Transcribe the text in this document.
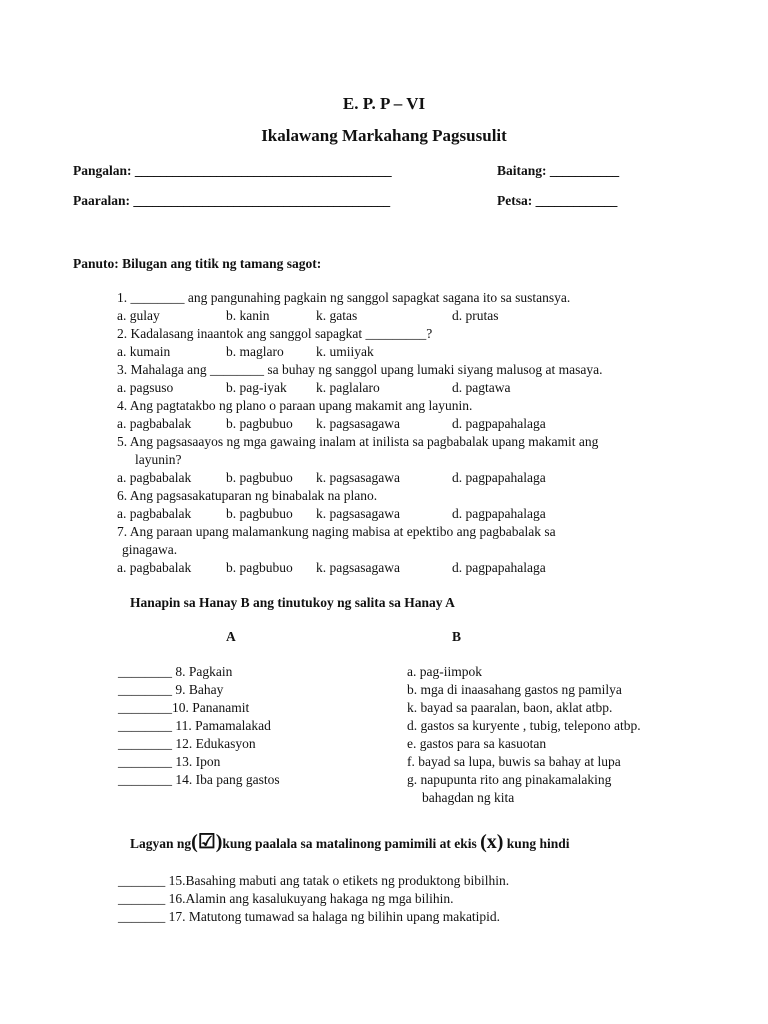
E. P. P – VI
Ikalawang Markahang Pagsusulit
Pangalan: _________________________________________	Baitang: ___________
Paaralan: _________________________________________	Petsa: _____________
Panuto: Bilugan ang titik ng tamang sagot:
1. ________ ang pangunahing pagkain ng sanggol sapagkat sagana ito sa sustansya.
a. gulay	b. kanin	k. gatas	d. prutas
2. Kadalasang inaantok ang sanggol sapagkat _________?
a. kumain	b. maglaro k. umiiyak
3. Mahalaga ang ________ sa buhay ng sanggol upang lumaki siyang malusog at masaya.
a. pagsuso	b. pag-iyak k. paglalaro	d. pagtawa
4. Ang pagtatakbo ng plano o paraan upang makamit ang layunin.
a. pagbabalak	b. pagbubuo k. pagsasagawa	d. pagpapahalaga
5. Ang pagsasaayos ng mga gawaing inalam at inilista sa pagbabalak upang makamit ang
layunin?
a. pagbabalak	b. pagbubuo k. pagsasagawa	d. pagpapahalaga
6. Ang pagsasakatuparan ng binabalak na plano.
a. pagbabalak	b. pagbubuo k. pagsasagawa	d. pagpapahalaga
7. Ang paraan upang malamankung naging mabisa at epektibo ang pagbabalak sa
ginagawa.
a. pagbabalak	b. pagbubuo k. pagsasagawa	d. pagpapahalaga
Hanapin sa Hanay B ang tinutukoy ng salita sa Hanay A
A	B
________ 8. Pagkain	a. pag-iimpok
________ 9. Bahay	b. mga di inaasahang gastos ng pamilya
________10. Pananamit	k. bayad sa paaralan, baon, aklat atbp.
________ 11. Pamamalakad	d. gastos sa kuryente , tubig, telepono atbp.
________ 12. Edukasyon	e. gastos para sa kasuotan
________ 13. Ipon	f. bayad sa lupa, buwis sa bahay at lupa
________ 14. Iba pang gastos	g. napupunta rito ang pinakamalaking
bahagdan ng kita
Lagyan ng(☑)kung paalala sa matalinong pamimili at ekis (x) kung hindi
_______ 15.Basahing mabuti ang tatak o etikets ng produktong bibilhin.
_______ 16.Alamin ang kasalukuyang hakaga ng mga bilihin.
_______ 17. Matutong tumawad sa halaga ng bilihin upang makatipid.
